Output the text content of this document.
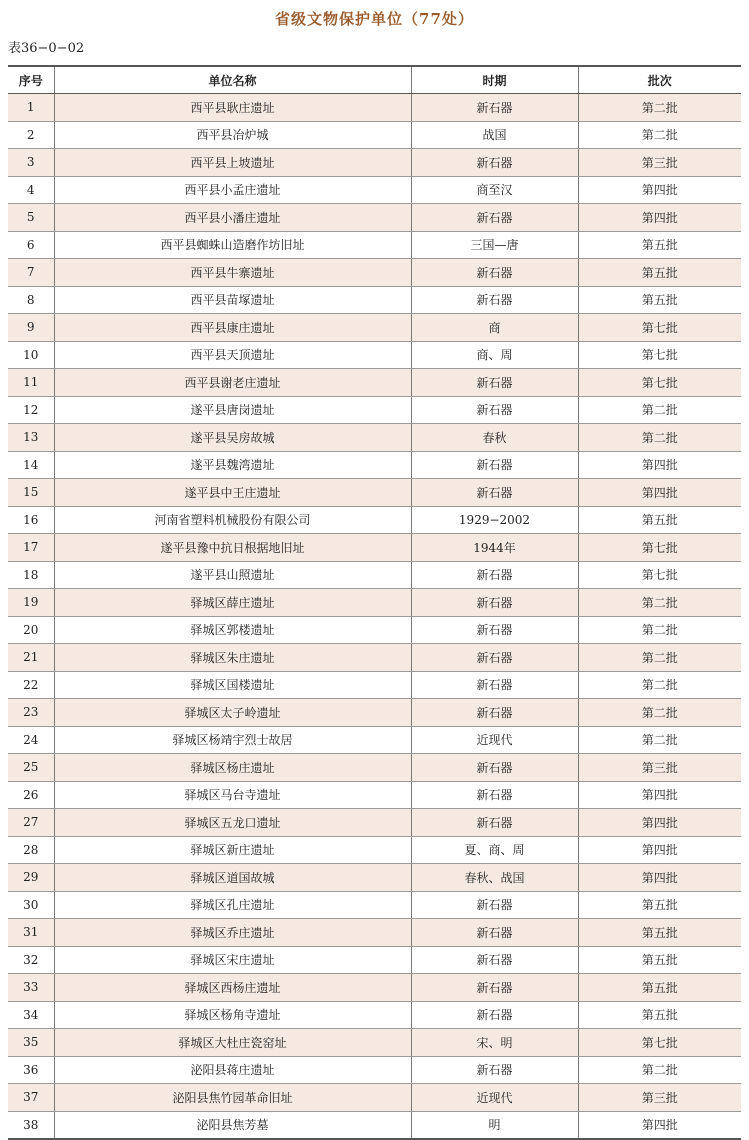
省级文物保护单位（77处）
表36−0−02
序号	单位名称	时期	批次
1	西平县耿庄遗址	新石器	第二批
2	西平县冶炉城	战国	第二批
3	西平县上坡遗址	新石器	第三批
4	西平县小孟庄遗址	商至汉	第四批
5	西平县小潘庄遗址	新石器	第四批
6	西平县蜘蛛山造磨作坊旧址	三国—唐	第五批
7	西平县牛寨遗址	新石器	第五批
8	西平县苗塚遗址	新石器	第五批
9	西平县康庄遗址	商	第七批
10	西平县天顶遗址	商、周	第七批
11	西平县谢老庄遗址	新石器	第七批
12	遂平县唐岗遗址	新石器	第二批
13	遂平县吴房故城	春秋	第二批
14	遂平县魏湾遗址	新石器	第四批
15	遂平县中王庄遗址	新石器	第四批
16	河南省塑料机械股份有限公司	1929−2002	第五批
17	遂平县豫中抗日根据地旧址	1944年	第七批
18	遂平县山照遗址	新石器	第七批
19	驿城区薛庄遗址	新石器	第二批
20	驿城区郭楼遗址	新石器	第二批
21	驿城区朱庄遗址	新石器	第二批
22	驿城区国楼遗址	新石器	第二批
23	驿城区太子岭遗址	新石器	第二批
24	驿城区杨靖宇烈士故居	近现代	第二批
25	驿城区杨庄遗址	新石器	第三批
26	驿城区马台寺遗址	新石器	第四批
27	驿城区五龙口遗址	新石器	第四批
28	驿城区新庄遗址	夏、商、周	第四批
29	驿城区道国故城	春秋、战国	第四批
30	驿城区孔庄遗址	新石器	第五批
31	驿城区乔庄遗址	新石器	第五批
32	驿城区宋庄遗址	新石器	第五批
33	驿城区西杨庄遗址	新石器	第五批
34	驿城区杨角寺遗址	新石器	第五批
35	驿城区大杜庄瓷窑址	宋、明	第七批
36	泌阳县蒋庄遗址	新石器	第二批
37	泌阳县焦竹园革命旧址	近现代	第三批
38	泌阳县焦芳墓	明	第四批
